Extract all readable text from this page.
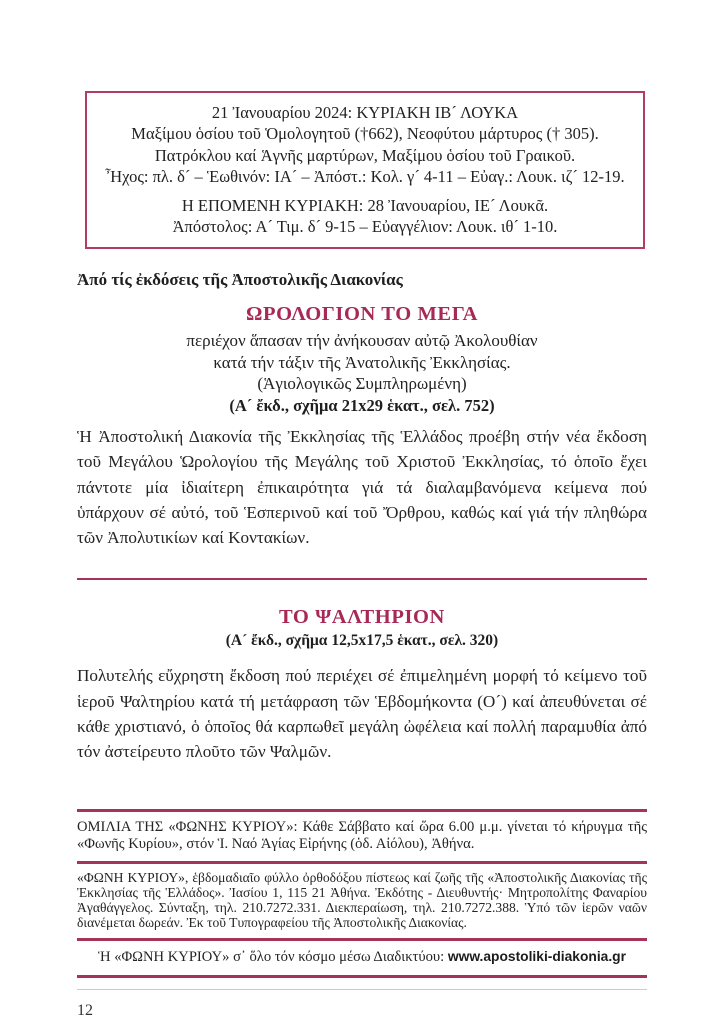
21 Ἰανουαρίου 2024: ΚΥΡΙΑΚΗ ΙΒ´ ΛΟΥΚΑ
Μαξίμου ὁσίου τοῦ Ὁμολογητοῦ (†662), Νεοφύτου μάρτυρος († 305).
Πατρόκλου καί Ἁγνῆς μαρτύρων, Μαξίμου ὁσίου τοῦ Γραικοῦ.
Ἦχος: πλ. δ´ – Ἑωθινόν: ΙΑ´ – Ἀπόστ.: Κολ. γ´ 4-11 – Εὐαγ.: Λουκ. ιζ´ 12-19.
Η ΕΠΟΜΕΝΗ ΚΥΡΙΑΚΗ: 28 Ἰανουαρίου, ΙΕ´ Λουκᾶ.
Ἀπόστολος: Α´ Τιμ. δ´ 9-15 – Εὐαγγέλιον: Λουκ. ιθ´ 1-10.
Ἀπό τίς ἐκδόσεις τῆς Ἀποστολικῆς Διακονίας
ΩΡΟΛΟΓΙΟΝ ΤΟ ΜΕΓΑ
περιέχον ἅπασαν τήν ἀνήκουσαν αὐτῷ Ἀκολουθίαν
κατά τήν τάξιν τῆς Ἀνατολικῆς Ἐκκλησίας.
(Ἁγιολογικῶς Συμπληρωμένη)
(Α´ ἔκδ., σχῆμα 21x29 ἑκατ., σελ. 752)

Ἡ Ἀποστολική Διακονία τῆς Ἐκκλησίας τῆς Ἑλλάδος προέβη στήν νέα ἔκδοση τοῦ Μεγάλου Ὡρολογίου τῆς Μεγάλης τοῦ Χριστοῦ Ἐκκλησίας, τό ὁποῖο ἔχει πάντοτε μία ἰδιαίτερη ἐπικαιρότητα γιά τά διαλαμβανόμενα κείμενα πού ὑπάρχουν σέ αὐτό, τοῦ Ἑσπερινοῦ καί τοῦ Ὄρθρου, καθώς καί γιά τήν πληθώρα τῶν Ἀπολυτικίων καί Κοντακίων.

ΤΟ ΨΑΛΤΗΡΙΟΝ
(Α´ ἔκδ., σχῆμα 12,5x17,5 ἑκατ., σελ. 320)

Πολυτελής εὔχρηστη ἔκδοση πού περιέχει σέ ἐπιμελημένη μορφή τό κείμενο τοῦ ἱεροῦ Ψαλτηρίου κατά τή μετάφραση τῶν Ἑβδομήκοντα (Ο´) καί ἀπευθύνεται σέ κάθε χριστιανό, ὁ ὁποῖος θά καρπωθεῖ μεγάλη ὠφέλεια καί πολλή παραμυθία ἀπό τόν ἀστείρευτο πλοῦτο τῶν Ψαλμῶν.

ΟΜΙΛΙΑ ΤΗΣ «ΦΩΝΗΣ ΚΥΡΙΟΥ»: Κάθε Σάββατο καί ὥρα 6.00 μ.μ. γίνεται τό κήρυγμα τῆς «Φωνῆς Κυρίου», στόν Ἱ. Ναό Ἁγίας Εἰρήνης (ὁδ. Αἰόλου), Ἀθήνα.
«ΦΩΝΗ ΚΥΡΙΟΥ», ἑβδομαδιαῖο φύλλο ὀρθοδόξου πίστεως καί ζωῆς τῆς «Ἀποστολικῆς Διακονίας τῆς Ἐκκλησίας τῆς Ἑλλάδος». Ἰασίου 1, 115 21 Ἀθήνα. Ἐκδότης - Διευθυντής· Μητροπολίτης Φαναρίου Ἀγαθάγγελος. Σύνταξη, τηλ. 210.7272.331. Διεκπεραίωση, τηλ. 210.7272.388. Ὑπό τῶν ἱερῶν ναῶν διανέμεται δωρεάν. Ἐκ τοῦ Τυπογραφείου τῆς Ἀποστολικῆς Διακονίας.
Ἡ «ΦΩΝΗ ΚΥΡΙΟΥ» σ᾽ ὅλο τόν κόσμο μέσω Διαδικτύου: www.apostoliki-diakonia.gr
12
